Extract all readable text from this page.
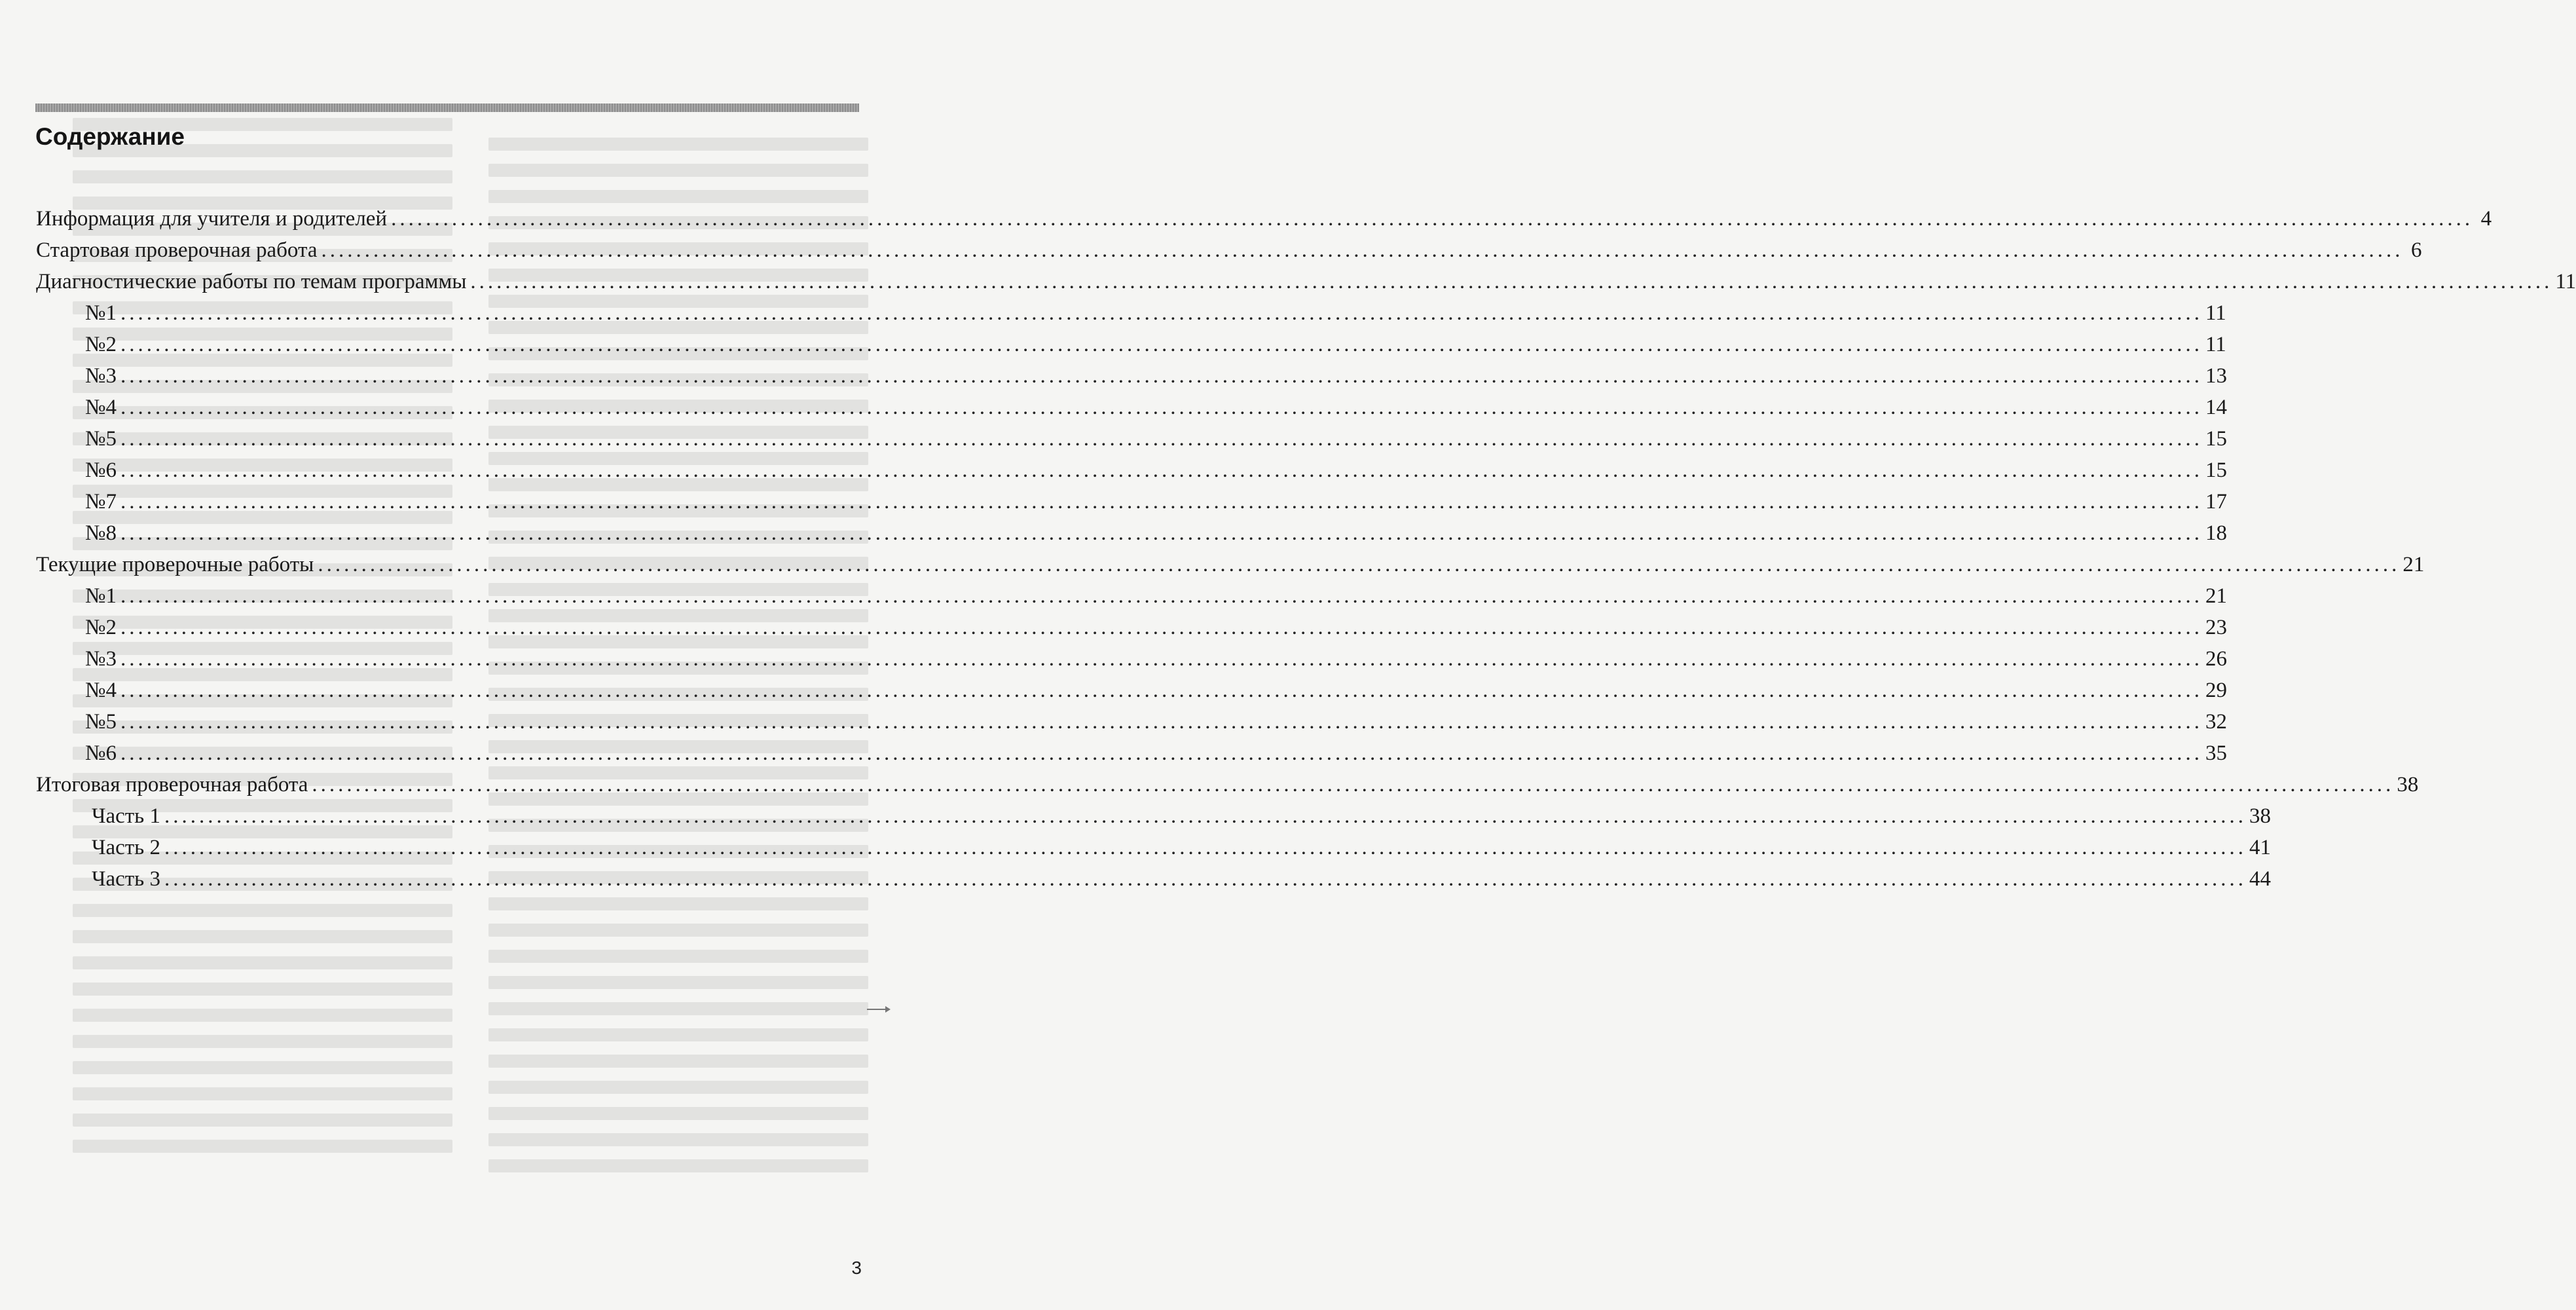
Содержание
Информация для учителя и родителей ................................................................................................................................................................................................................................................ 4
Стартовая проверочная работа ................................................................................................................................................................................................................................................ 6
Диагностические работы по темам программы ................................................................................................................................................................................................................................................ 11
№1 ................................................................................................................................................................................................................................................ 11
№2 ................................................................................................................................................................................................................................................ 11
№3 ................................................................................................................................................................................................................................................ 13
№4 ................................................................................................................................................................................................................................................ 14
№5 ................................................................................................................................................................................................................................................ 15
№6 ................................................................................................................................................................................................................................................ 15
№7 ................................................................................................................................................................................................................................................ 17
№8 ................................................................................................................................................................................................................................................ 18
Текущие проверочные работы ................................................................................................................................................................................................................................................ 21
№1 ................................................................................................................................................................................................................................................ 21
№2 ................................................................................................................................................................................................................................................ 23
№3 ................................................................................................................................................................................................................................................ 26
№4 ................................................................................................................................................................................................................................................ 29
№5 ................................................................................................................................................................................................................................................ 32
№6 ................................................................................................................................................................................................................................................ 35
Итоговая проверочная работа ................................................................................................................................................................................................................................................ 38
Часть 1 ................................................................................................................................................................................................................................................ 38
Часть 2 ................................................................................................................................................................................................................................................ 41
Часть 3 ................................................................................................................................................................................................................................................ 44
3
